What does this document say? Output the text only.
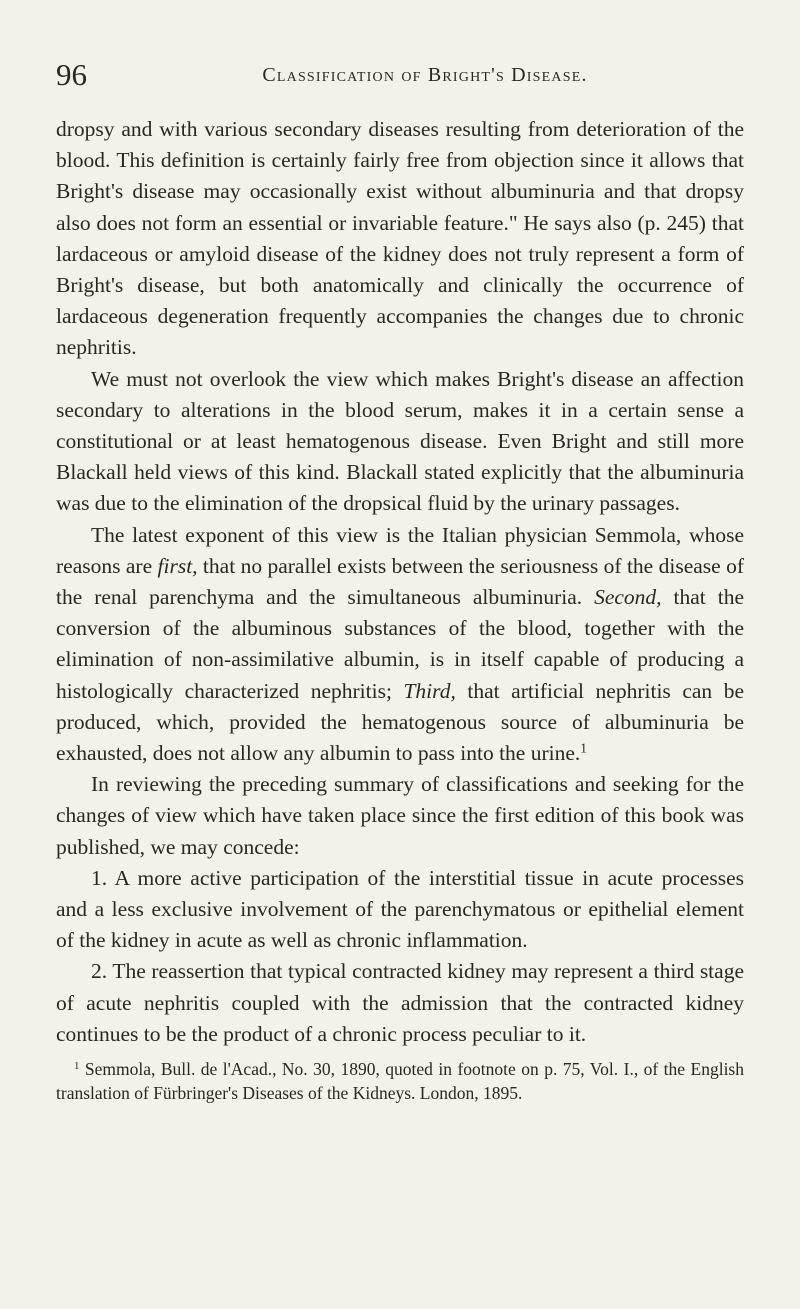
96	Classification of Bright's Disease.

dropsy and with various secondary diseases resulting from deterioration of the blood. This definition is certainly fairly free from objection since it allows that Bright's disease may occasionally exist without albuminuria and that dropsy also does not form an essential or invariable feature." He says also (p. 245) that lardaceous or amyloid disease of the kidney does not truly represent a form of Bright's disease, but both anatomically and clinically the occurrence of lardaceous degeneration frequently accompanies the changes due to chronic nephritis.

We must not overlook the view which makes Bright's disease an affection secondary to alterations in the blood serum, makes it in a certain sense a constitutional or at least hematogenous disease. Even Bright and still more Blackall held views of this kind. Blackall stated explicitly that the albuminuria was due to the elimination of the dropsical fluid by the urinary passages.

The latest exponent of this view is the Italian physician Semmola, whose reasons are first, that no parallel exists between the seriousness of the disease of the renal parenchyma and the simultaneous albuminuria. Second, that the conversion of the albuminous substances of the blood, together with the elimination of non-assimilative albumin, is in itself capable of producing a histologically characterized nephritis; Third, that artificial nephritis can be produced, which, provided the hematogenous source of albuminuria be exhausted, does not allow any albumin to pass into the urine.$^1$

In reviewing the preceding summary of classifications and seeking for the changes of view which have taken place since the first edition of this book was published, we may concede:

1. A more active participation of the interstitial tissue in acute processes and a less exclusive involvement of the parenchymatous or epithelial element of the kidney in acute as well as chronic inflammation.

2. The reassertion that typical contracted kidney may represent a third stage of acute nephritis coupled with the admission that the contracted kidney continues to be the product of a chronic process peculiar to it.

$^1$ Semmola, Bull. de l'Acad., No. 30, 1890, quoted in footnote on p. 75, Vol. I., of the English translation of Fürbringer's Diseases of the Kidneys. London, 1895.
